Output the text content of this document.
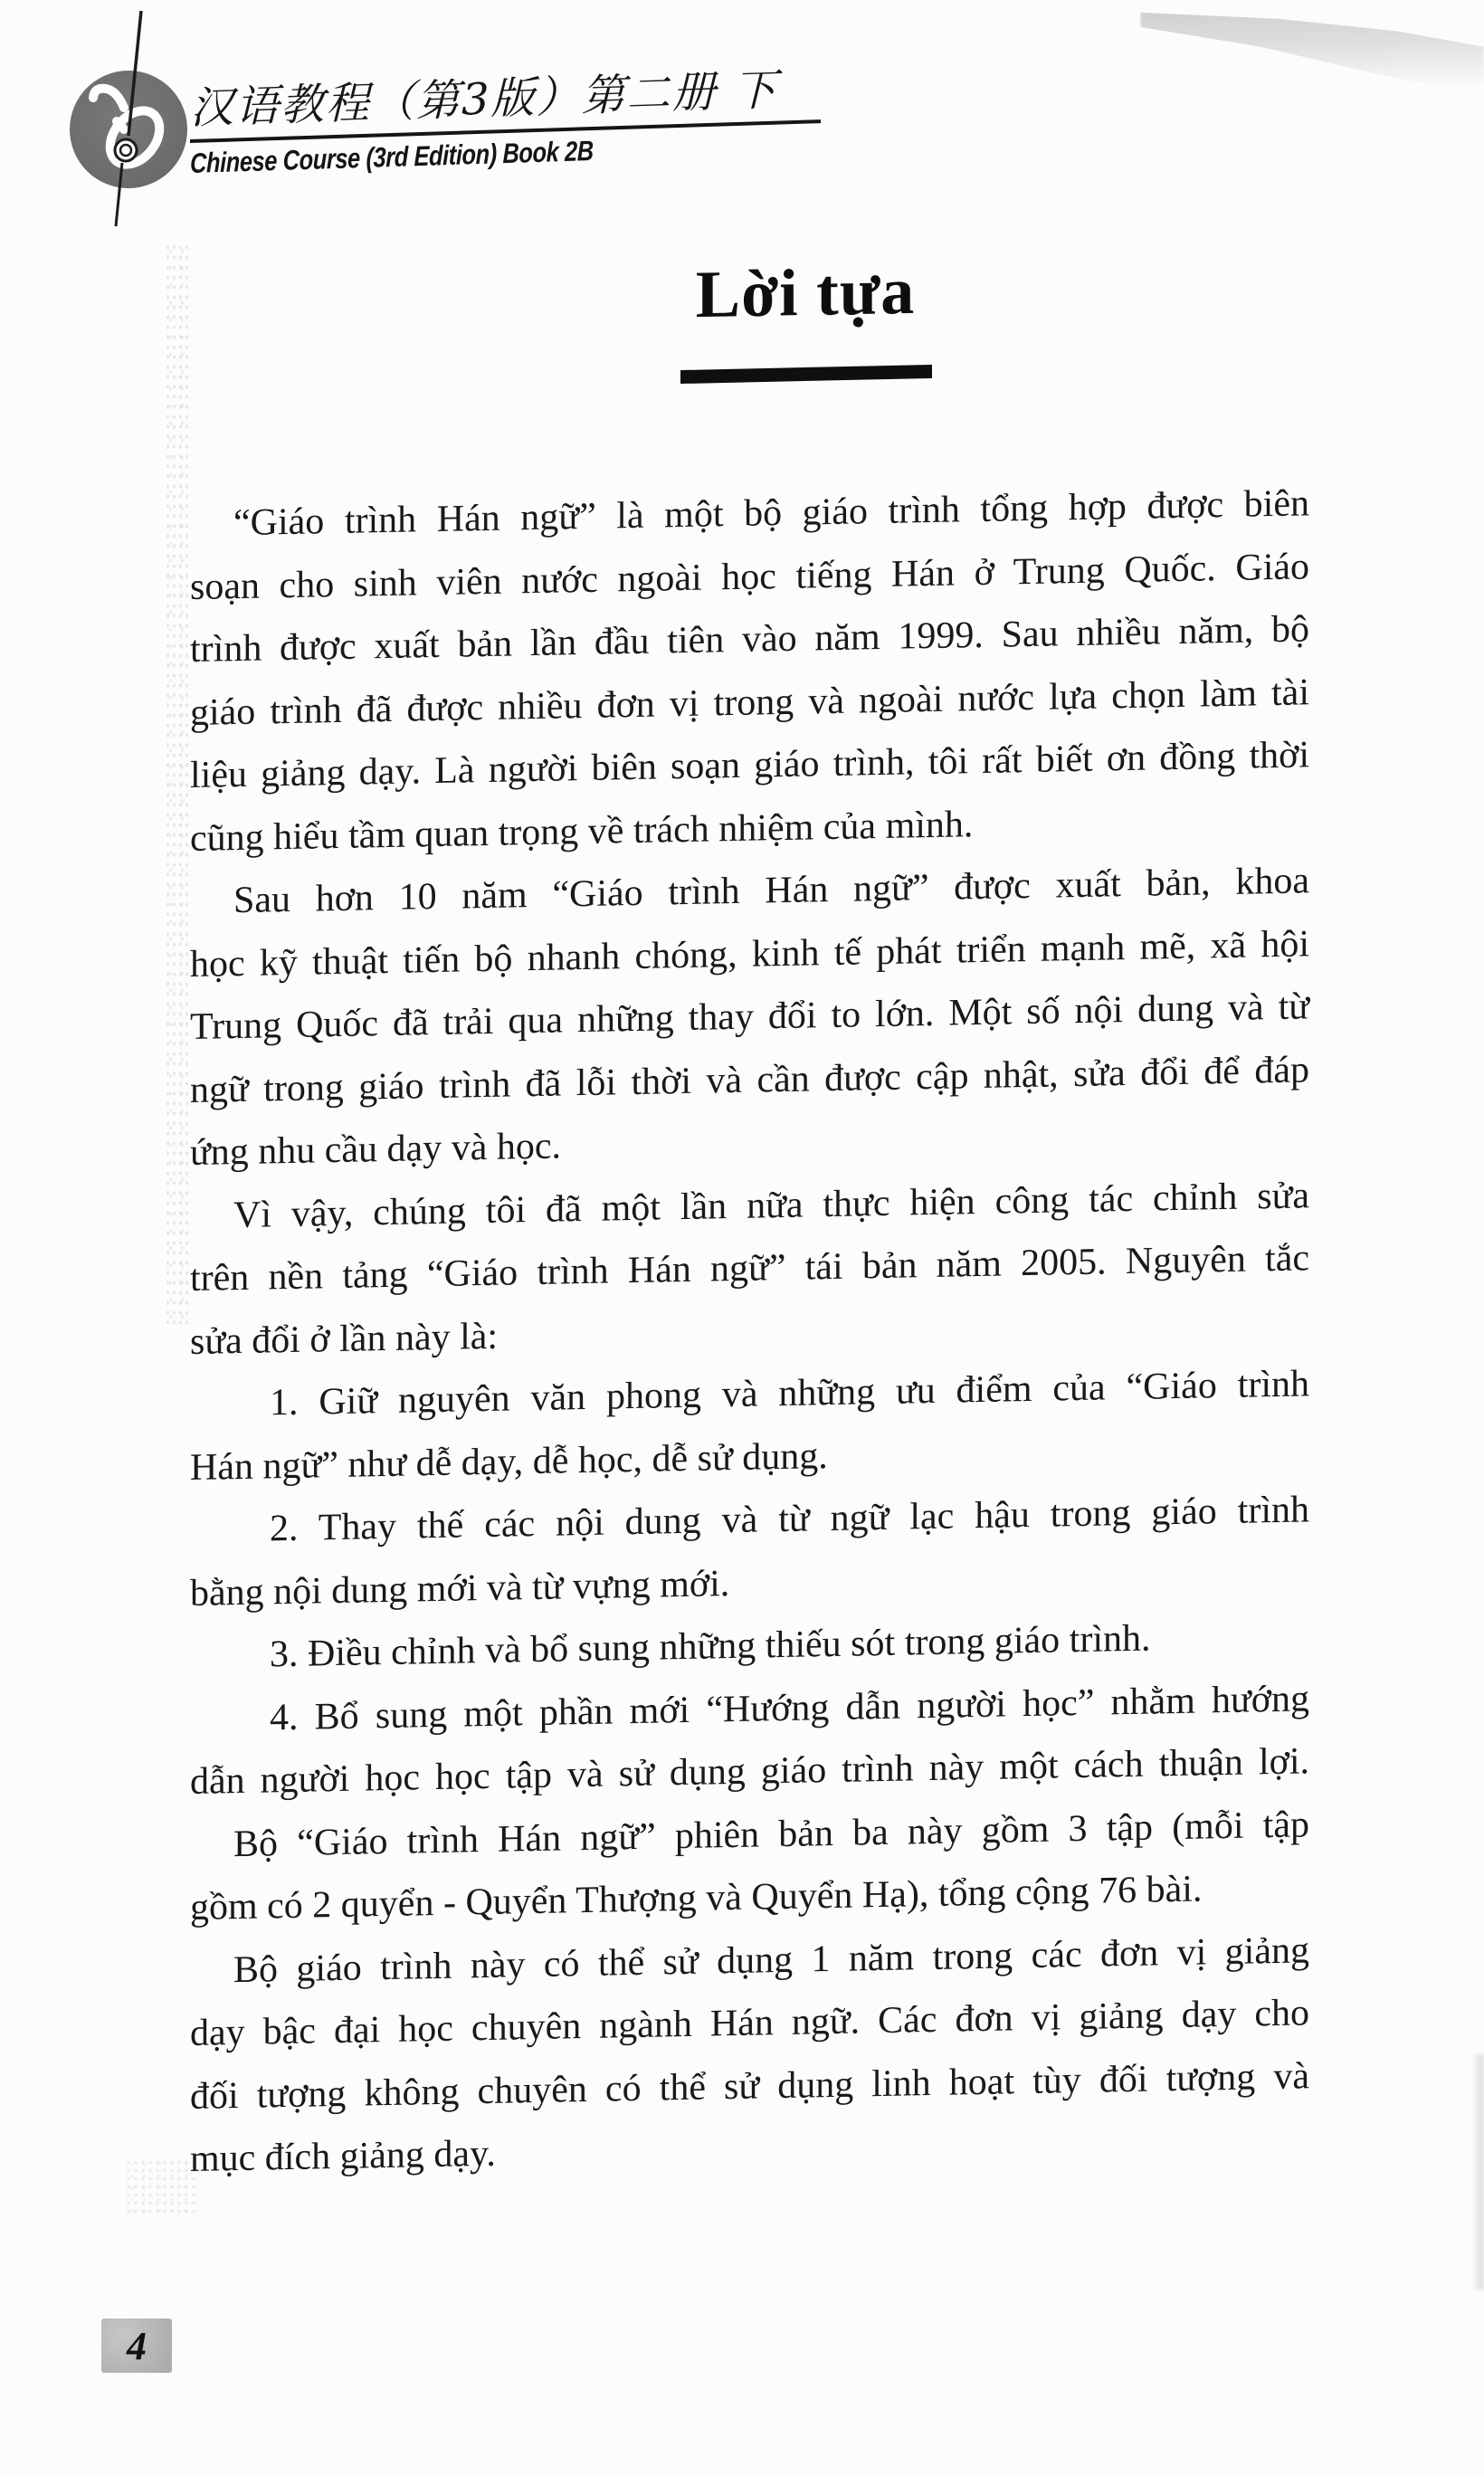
汉语教程（第3版）第二册 下
Chinese Course (3rd Edition) Book 2B
Lời tựa
“Giáo trình Hán ngữ” là một bộ giáo trình tổng hợp được biên
soạn cho sinh viên nước ngoài học tiếng Hán ở Trung Quốc. Giáo
trình được xuất bản lần đầu tiên vào năm 1999. Sau nhiều năm, bộ
giáo trình đã được nhiều đơn vị trong và ngoài nước lựa chọn làm tài
liệu giảng dạy. Là người biên soạn giáo trình, tôi rất biết ơn đồng thời
cũng hiểu tầm quan trọng về trách nhiệm của mình.
Sau hơn 10 năm “Giáo trình Hán ngữ” được xuất bản, khoa
học kỹ thuật tiến bộ nhanh chóng, kinh tế phát triển mạnh mẽ, xã hội
Trung Quốc đã trải qua những thay đổi to lớn. Một số nội dung và từ
ngữ trong giáo trình đã lỗi thời và cần được cập nhật, sửa đổi để đáp
ứng nhu cầu dạy và học.
Vì vậy, chúng tôi đã một lần nữa thực hiện công tác chỉnh sửa
trên nền tảng “Giáo trình Hán ngữ” tái bản năm 2005. Nguyên tắc
sửa đổi ở lần này là:
1. Giữ nguyên văn phong và những ưu điểm của “Giáo trình
Hán ngữ” như dễ dạy, dễ học, dễ sử dụng.
2. Thay thế các nội dung và từ ngữ lạc hậu trong giáo trình
bằng nội dung mới và từ vựng mới.
3. Điều chỉnh và bổ sung những thiếu sót trong giáo trình.
4. Bổ sung một phần mới “Hướng dẫn người học” nhằm hướng
dẫn người học học tập và sử dụng giáo trình này một cách thuận lợi.
Bộ “Giáo trình Hán ngữ” phiên bản ba này gồm 3 tập (mỗi tập
gồm có 2 quyển - Quyển Thượng và Quyển Hạ), tổng cộng 76 bài.
Bộ giáo trình này có thể sử dụng 1 năm trong các đơn vị giảng
dạy bậc đại học chuyên ngành Hán ngữ. Các đơn vị giảng dạy cho
đối tượng không chuyên có thể sử dụng linh hoạt tùy đối tượng và
mục đích giảng dạy.
4
